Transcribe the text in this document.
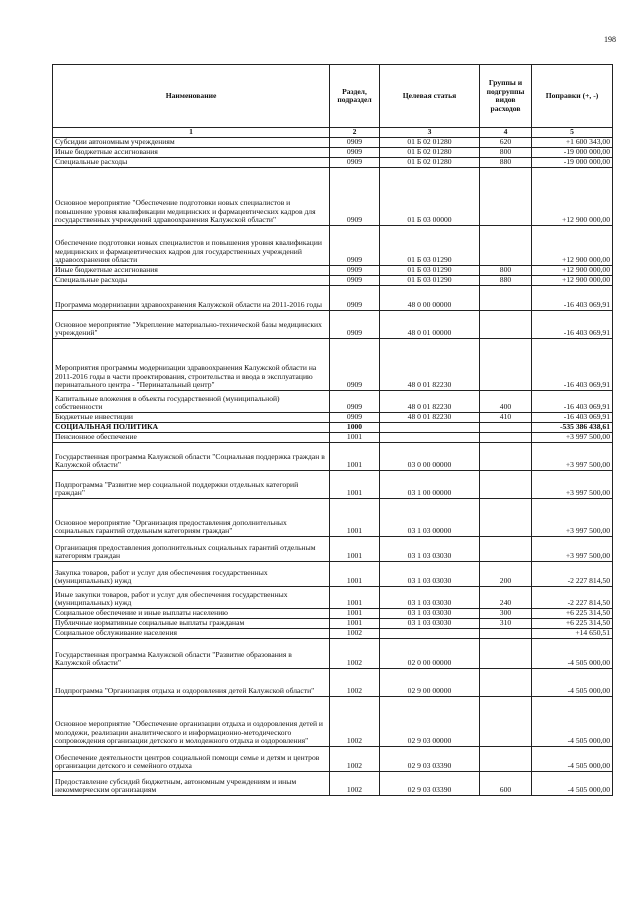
198
Наименование	Раздел, подраздел	Целевая статья	Группы и подгруппы видов расходов	Поправки (+, -)
1	2	3	4	5
Субсидии автономным учреждениям	0909	01 Б 02 01280	620	+1 600 343,00
Иные бюджетные ассигнования	0909	01 Б 02 01280	800	-19 000 000,00
Специальные расходы	0909	01 Б 02 01280	880	-19 000 000,00
Основное мероприятие "Обеспечение подготовки новых специалистов и повышение уровня квалификации медицинских и фармацевтических кадров для государственных учреждений здравоохранения Калужской области"	0909	01 Б 03 00000		+12 900 000,00
Обеспечение подготовки новых специалистов и повышения уровня квалификации медицинских и фармацевтических кадров для государственных учреждений здравоохранения области	0909	01 Б 03 01290		+12 900 000,00
Иные бюджетные ассигнования	0909	01 Б 03 01290	800	+12 900 000,00
Специальные расходы	0909	01 Б 03 01290	880	+12 900 000,00
Программа модернизации здравоохранения Калужской области на 2011-2016 годы	0909	48 0 00 00000		-16 403 069,91
Основное мероприятие "Укрепление материально-технической базы медицинских учреждений"	0909	48 0 01 00000		-16 403 069,91
Мероприятия программы модернизации здравоохранения Калужской области на 2011-2016 годы в части проектирования, строительства и ввода в эксплуатацию перинатального центра - "Перинатальный центр"	0909	48 0 01 82230		-16 403 069,91
Капитальные вложения в объекты государственной (муниципальной) собственности	0909	48 0 01 82230	400	-16 403 069,91
Бюджетные инвестиции	0909	48 0 01 82230	410	-16 403 069,91
СОЦИАЛЬНАЯ ПОЛИТИКА	1000			-535 386 438,61
Пенсионное обеспечение	1001			+3 997 500,00
Государственная программа Калужской области "Социальная поддержка граждан в Калужской области"	1001	03 0 00 00000		+3 997 500,00
Подпрограмма "Развитие мер социальной поддержки отдельных категорий граждан"	1001	03 1 00 00000		+3 997 500,00
Основное мероприятие "Организация предоставления дополнительных социальных гарантий отдельным категориям граждан"	1001	03 1 03 00000		+3 997 500,00
Организация предоставления дополнительных социальных гарантий отдельным категориям граждан	1001	03 1 03 03030		+3 997 500,00
Закупка товаров, работ и услуг для обеспечения государственных (муниципальных) нужд	1001	03 1 03 03030	200	-2 227 814,50
Иные закупки товаров, работ и услуг для обеспечения государственных (муниципальных) нужд	1001	03 1 03 03030	240	-2 227 814,50
Социальное обеспечение и иные выплаты населению	1001	03 1 03 03030	300	+6 225 314,50
Публичные нормативные социальные выплаты гражданам	1001	03 1 03 03030	310	+6 225 314,50
Социальное обслуживание населения	1002			+14 650,51
Государственная программа Калужской области "Развитие образования в Калужской области"	1002	02 0 00 00000		-4 505 000,00
Подпрограмма "Организация отдыха и оздоровления детей Калужской области"	1002	02 9 00 00000		-4 505 000,00
Основное мероприятие "Обеспечение организации отдыха и оздоровления детей и молодежи, реализации аналитического и информационно-методического сопровождения организации детского и молодежного отдыха и оздоровления"	1002	02 9 03 00000		-4 505 000,00
Обеспечение деятельности центров социальной помощи семье и детям и центров организации детского и семейного отдыха	1002	02 9 03 03390		-4 505 000,00
Предоставление субсидий бюджетным, автономным учреждениям и иным некоммерческим организациям	1002	02 9 03 03390	600	-4 505 000,00
